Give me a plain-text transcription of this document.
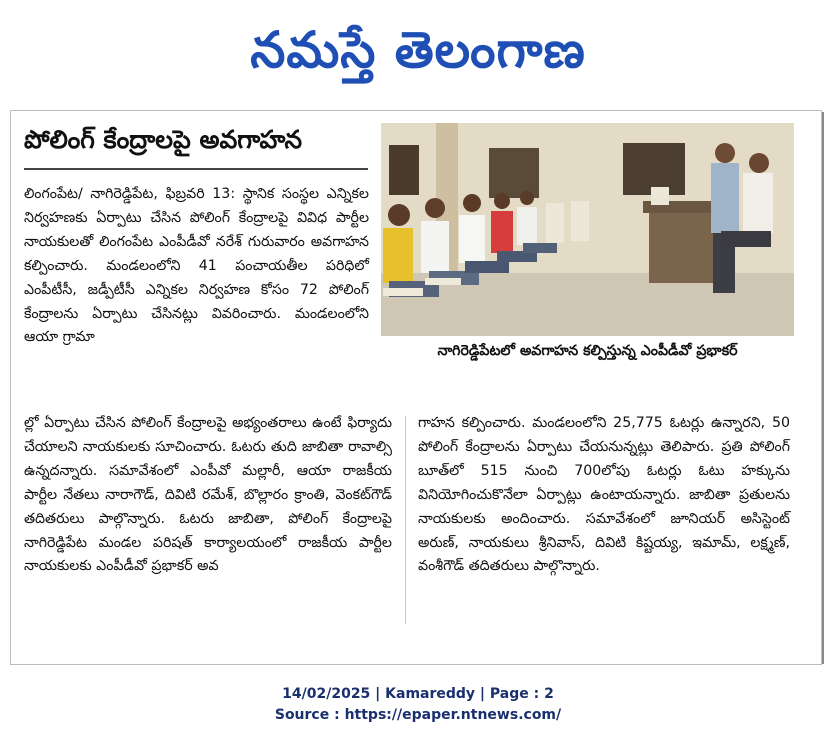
నమస్తే తెలంగాణ
పోలింగ్ కేంద్రాలపై అవగాహన
లింగంపేట/ నాగిరెడ్డిపేట, ఫిబ్రవరి 13: స్థానిక సంస్థల ఎన్నికల నిర్వహణకు ఏర్పాటు చేసిన పోలింగ్ కేంద్రాలపై వివిధ పార్టీల నాయకులతో లింగంపేట ఎంపీడీవో నరేశ్ గురువారం అవగాహన కల్పించారు. మండలంలోని 41 పంచాయతీల పరిధిలో ఎంపీటీసీ, జడ్పీటీసీ ఎన్నికల నిర్వహణ కోసం 72 పోలింగ్ కేంద్రాలను ఏర్పాటు చేసినట్లు వివరించారు. మండలంలోని ఆయా గ్రామా
నాగిరెడ్డిపేటలో అవగాహన కల్పిస్తున్న ఎంపీడీవో ప్రభాకర్
ల్లో ఏర్పాటు చేసిన పోలింగ్ కేంద్రాలపై అభ్యంతరాలు ఉంటే ఫిర్యాదు చేయాలని నాయకులకు సూచించారు. ఓటరు తుది జాబితా రావాల్సి ఉన్నదన్నారు. సమావేశంలో ఎంపీవో మల్లారీ, ఆయా రాజకీయ పార్టీల నేతలు నారాగౌడ్, దివిటి రమేశ్, బొల్లారం క్రాంతి, వెంకట్‌గౌడ్ తదితరులు పాల్గొన్నారు. ఓటరు జాబితా, పోలింగ్ కేంద్రాలపై నాగిరెడ్డిపేట మండల పరిషత్ కార్యాలయంలో రాజకీయ పార్టీల నాయకులకు ఎంపీడీవో ప్రభాకర్ అవ
గాహన కల్పించారు. మండలంలోని 25,775 ఓటర్లు ఉన్నారని, 50 పోలింగ్ కేంద్రాలను ఏర్పాటు చేయనున్నట్లు తెలిపారు. ప్రతి పోలింగ్ బూత్‌లో 515 నుంచి 700లోపు ఓటర్లు ఓటు హక్కును వినియోగించుకొనేలా ఏర్పాట్లు ఉంటాయన్నారు. జాబితా ప్రతులను నాయకులకు అందించారు. సమావేశంలో జూనియర్ అసిస్టెంట్ అరుణ్, నాయకులు శ్రీనివాస్, దివిటి కిష్టయ్య, ఇమామ్, లక్ష్మణ్, వంశీగౌడ్ తదితరులు పాల్గొన్నారు.
14/02/2025 | Kamareddy | Page : 2
Source : https://epaper.ntnews.com/
